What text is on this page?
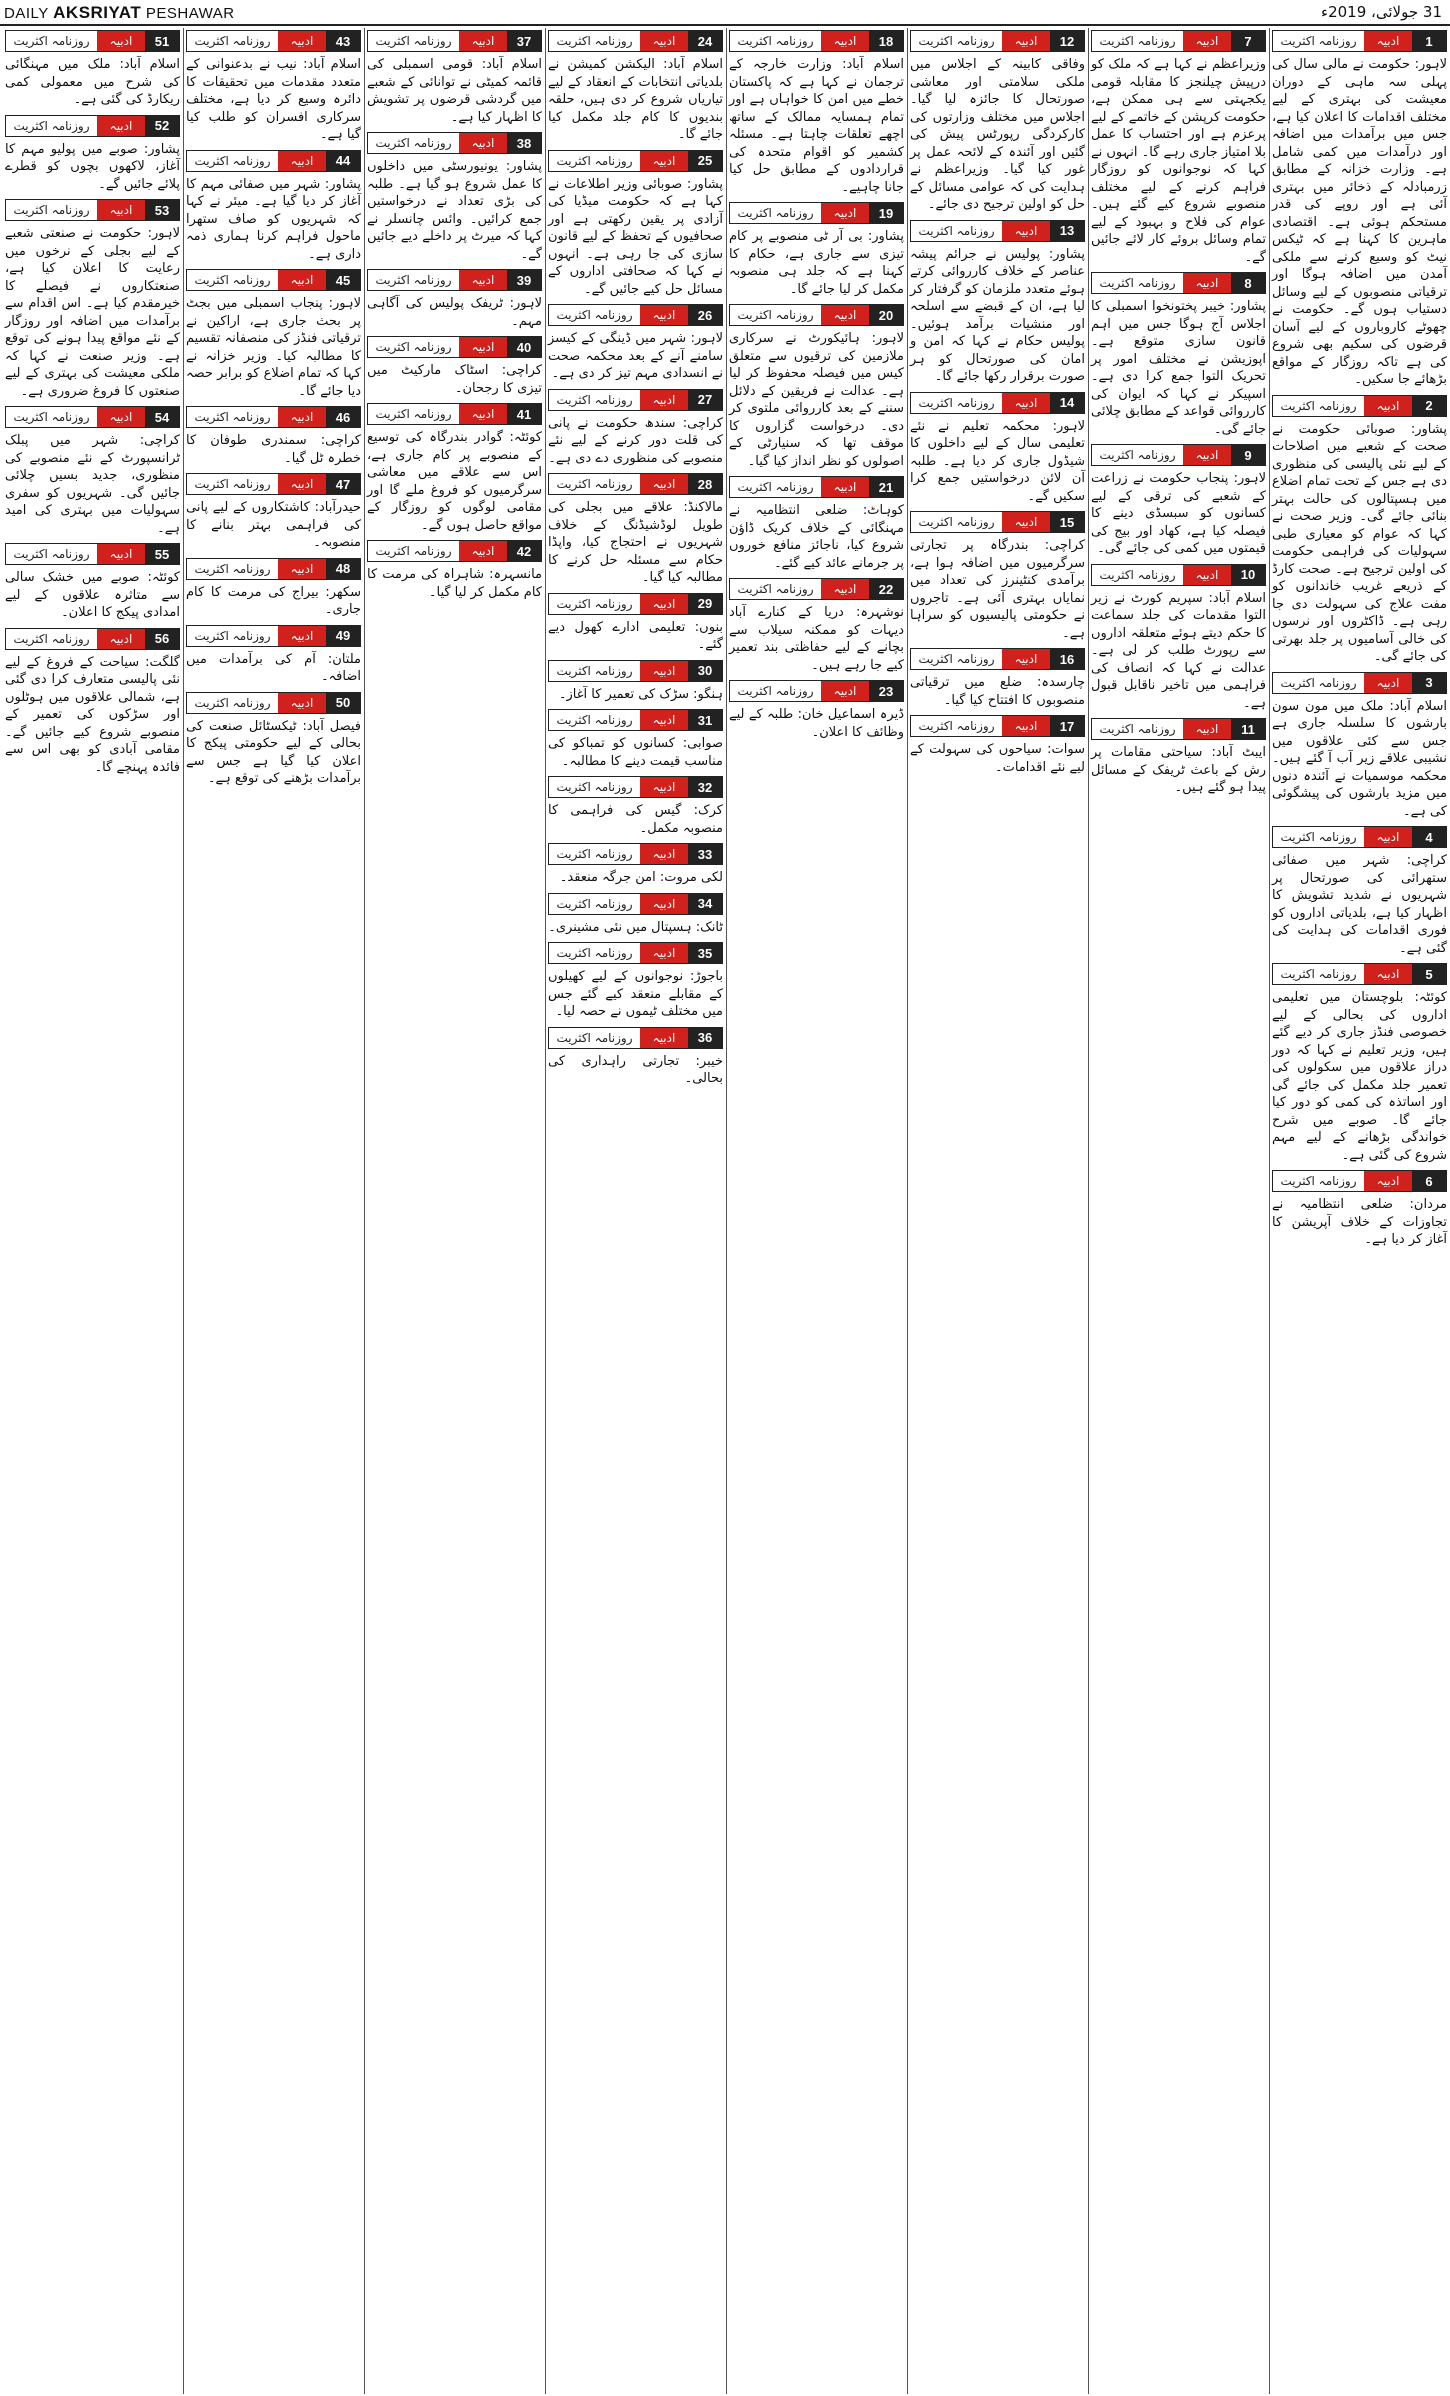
DAILY AKSRIYAT PESHAWAR	31 جولائی، 2019ء
روزنامہ اکثریت	ادبیہ	1
لاہور: حکومت نے مالی سال کی پہلی سہ ماہی کے دوران معیشت کی بہتری کے لیے مختلف اقدامات کا اعلان کیا ہے، جس میں برآمدات میں اضافہ اور درآمدات میں کمی شامل ہے۔ وزارت خزانہ کے مطابق زرمبادلہ کے ذخائر میں بہتری آئی ہے اور روپے کی قدر مستحکم ہوئی ہے۔ اقتصادی ماہرین کا کہنا ہے کہ ٹیکس نیٹ کو وسیع کرنے سے ملکی آمدن میں اضافہ ہوگا اور ترقیاتی منصوبوں کے لیے وسائل دستیاب ہوں گے۔ حکومت نے چھوٹے کاروباروں کے لیے آسان قرضوں کی سکیم بھی شروع کی ہے تاکہ روزگار کے مواقع بڑھائے جا سکیں۔
روزنامہ اکثریت	ادبیہ	2
پشاور: صوبائی حکومت نے صحت کے شعبے میں اصلاحات کے لیے نئی پالیسی کی منظوری دی ہے جس کے تحت تمام اضلاع میں ہسپتالوں کی حالت بہتر بنائی جائے گی۔ وزیر صحت نے کہا کہ عوام کو معیاری طبی سہولیات کی فراہمی حکومت کی اولین ترجیح ہے۔ صحت کارڈ کے ذریعے غریب خاندانوں کو مفت علاج کی سہولت دی جا رہی ہے۔ ڈاکٹروں اور نرسوں کی خالی آسامیوں پر جلد بھرتی کی جائے گی۔
روزنامہ اکثریت	ادبیہ	3
اسلام آباد: ملک میں مون سون بارشوں کا سلسلہ جاری ہے جس سے کئی علاقوں میں نشیبی علاقے زیر آب آ گئے ہیں۔ محکمہ موسمیات نے آئندہ دنوں میں مزید بارشوں کی پیشگوئی کی ہے۔
روزنامہ اکثریت	ادبیہ	4
کراچی: شہر میں صفائی ستھرائی کی صورتحال پر شہریوں نے شدید تشویش کا اظہار کیا ہے، بلدیاتی اداروں کو فوری اقدامات کی ہدایت کی گئی ہے۔
روزنامہ اکثریت	ادبیہ	5
کوئٹہ: بلوچستان میں تعلیمی اداروں کی بحالی کے لیے خصوصی فنڈز جاری کر دیے گئے ہیں، وزیر تعلیم نے کہا کہ دور دراز علاقوں میں سکولوں کی تعمیر جلد مکمل کی جائے گی اور اساتذہ کی کمی کو دور کیا جائے گا۔ صوبے میں شرح خواندگی بڑھانے کے لیے مہم شروع کی گئی ہے۔
روزنامہ اکثریت	ادبیہ	6
مردان: ضلعی انتظامیہ نے تجاوزات کے خلاف آپریشن کا آغاز کر دیا ہے۔
روزنامہ اکثریت	ادبیہ	7
وزیراعظم نے کہا ہے کہ ملک کو درپیش چیلنجز کا مقابلہ قومی یکجہتی سے ہی ممکن ہے، حکومت کرپشن کے خاتمے کے لیے پرعزم ہے اور احتساب کا عمل بلا امتیاز جاری رہے گا۔ انہوں نے کہا کہ نوجوانوں کو روزگار فراہم کرنے کے لیے مختلف منصوبے شروع کیے گئے ہیں۔ عوام کی فلاح و بہبود کے لیے تمام وسائل بروئے کار لائے جائیں گے۔
روزنامہ اکثریت	ادبیہ	8
پشاور: خیبر پختونخوا اسمبلی کا اجلاس آج ہوگا جس میں اہم قانون سازی متوقع ہے۔ اپوزیشن نے مختلف امور پر تحریک التوا جمع کرا دی ہے۔ اسپیکر نے کہا کہ ایوان کی کارروائی قواعد کے مطابق چلائی جائے گی۔
روزنامہ اکثریت	ادبیہ	9
لاہور: پنجاب حکومت نے زراعت کے شعبے کی ترقی کے لیے کسانوں کو سبسڈی دینے کا فیصلہ کیا ہے، کھاد اور بیج کی قیمتوں میں کمی کی جائے گی۔
روزنامہ اکثریت	ادبیہ	10
اسلام آباد: سپریم کورٹ نے زیر التوا مقدمات کی جلد سماعت کا حکم دیتے ہوئے متعلقہ اداروں سے رپورٹ طلب کر لی ہے۔ عدالت نے کہا کہ انصاف کی فراہمی میں تاخیر ناقابل قبول ہے۔
روزنامہ اکثریت	ادبیہ	11
ایبٹ آباد: سیاحتی مقامات پر رش کے باعث ٹریفک کے مسائل پیدا ہو گئے ہیں۔
روزنامہ اکثریت	ادبیہ	12
وفاقی کابینہ کے اجلاس میں ملکی سلامتی اور معاشی صورتحال کا جائزہ لیا گیا۔ اجلاس میں مختلف وزارتوں کی کارکردگی رپورٹس پیش کی گئیں اور آئندہ کے لائحہ عمل پر غور کیا گیا۔ وزیراعظم نے ہدایت کی کہ عوامی مسائل کے حل کو اولین ترجیح دی جائے۔
روزنامہ اکثریت	ادبیہ	13
پشاور: پولیس نے جرائم پیشہ عناصر کے خلاف کارروائی کرتے ہوئے متعدد ملزمان کو گرفتار کر لیا ہے، ان کے قبضے سے اسلحہ اور منشیات برآمد ہوئیں۔ پولیس حکام نے کہا کہ امن و امان کی صورتحال کو ہر صورت برقرار رکھا جائے گا۔
روزنامہ اکثریت	ادبیہ	14
لاہور: محکمہ تعلیم نے نئے تعلیمی سال کے لیے داخلوں کا شیڈول جاری کر دیا ہے۔ طلبہ آن لائن درخواستیں جمع کرا سکیں گے۔
روزنامہ اکثریت	ادبیہ	15
کراچی: بندرگاہ پر تجارتی سرگرمیوں میں اضافہ ہوا ہے، برآمدی کنٹینرز کی تعداد میں نمایاں بہتری آئی ہے۔ تاجروں نے حکومتی پالیسیوں کو سراہا ہے۔
روزنامہ اکثریت	ادبیہ	16
چارسدہ: ضلع میں ترقیاتی منصوبوں کا افتتاح کیا گیا۔
روزنامہ اکثریت	ادبیہ	17
سوات: سیاحوں کی سہولت کے لیے نئے اقدامات۔
روزنامہ اکثریت	ادبیہ	18
اسلام آباد: وزارت خارجہ کے ترجمان نے کہا ہے کہ پاکستان خطے میں امن کا خواہاں ہے اور تمام ہمسایہ ممالک کے ساتھ اچھے تعلقات چاہتا ہے۔ مسئلہ کشمیر کو اقوام متحدہ کی قراردادوں کے مطابق حل کیا جانا چاہیے۔
روزنامہ اکثریت	ادبیہ	19
پشاور: بی آر ٹی منصوبے پر کام تیزی سے جاری ہے، حکام کا کہنا ہے کہ جلد ہی منصوبہ مکمل کر لیا جائے گا۔
روزنامہ اکثریت	ادبیہ	20
لاہور: ہائیکورٹ نے سرکاری ملازمین کی ترقیوں سے متعلق کیس میں فیصلہ محفوظ کر لیا ہے۔ عدالت نے فریقین کے دلائل سننے کے بعد کارروائی ملتوی کر دی۔ درخواست گزاروں کا موقف تھا کہ سنیارٹی کے اصولوں کو نظر انداز کیا گیا۔
روزنامہ اکثریت	ادبیہ	21
کوہاٹ: ضلعی انتظامیہ نے مہنگائی کے خلاف کریک ڈاؤن شروع کیا، ناجائز منافع خوروں پر جرمانے عائد کیے گئے۔
روزنامہ اکثریت	ادبیہ	22
نوشہرہ: دریا کے کنارے آباد دیہات کو ممکنہ سیلاب سے بچانے کے لیے حفاظتی بند تعمیر کیے جا رہے ہیں۔
روزنامہ اکثریت	ادبیہ	23
ڈیرہ اسماعیل خان: طلبہ کے لیے وظائف کا اعلان۔
روزنامہ اکثریت	ادبیہ	24
اسلام آباد: الیکشن کمیشن نے بلدیاتی انتخابات کے انعقاد کے لیے تیاریاں شروع کر دی ہیں، حلقہ بندیوں کا کام جلد مکمل کیا جائے گا۔
روزنامہ اکثریت	ادبیہ	25
پشاور: صوبائی وزیر اطلاعات نے کہا ہے کہ حکومت میڈیا کی آزادی پر یقین رکھتی ہے اور صحافیوں کے تحفظ کے لیے قانون سازی کی جا رہی ہے۔ انہوں نے کہا کہ صحافتی اداروں کے مسائل حل کیے جائیں گے۔
روزنامہ اکثریت	ادبیہ	26
لاہور: شہر میں ڈینگی کے کیسز سامنے آنے کے بعد محکمہ صحت نے انسدادی مہم تیز کر دی ہے۔
روزنامہ اکثریت	ادبیہ	27
کراچی: سندھ حکومت نے پانی کی قلت دور کرنے کے لیے نئے منصوبے کی منظوری دے دی ہے۔
روزنامہ اکثریت	ادبیہ	28
مالاکنڈ: علاقے میں بجلی کی طویل لوڈشیڈنگ کے خلاف شہریوں نے احتجاج کیا، واپڈا حکام سے مسئلہ حل کرنے کا مطالبہ کیا گیا۔
روزنامہ اکثریت	ادبیہ	29
بنوں: تعلیمی ادارے کھول دیے گئے۔
روزنامہ اکثریت	ادبیہ	30
ہنگو: سڑک کی تعمیر کا آغاز۔
روزنامہ اکثریت	ادبیہ	31
صوابی: کسانوں کو تمباکو کی مناسب قیمت دینے کا مطالبہ۔
روزنامہ اکثریت	ادبیہ	32
کرک: گیس کی فراہمی کا منصوبہ مکمل۔
روزنامہ اکثریت	ادبیہ	33
لکی مروت: امن جرگہ منعقد۔
روزنامہ اکثریت	ادبیہ	34
ٹانک: ہسپتال میں نئی مشینری۔
روزنامہ اکثریت	ادبیہ	35
باجوڑ: نوجوانوں کے لیے کھیلوں کے مقابلے منعقد کیے گئے جس میں مختلف ٹیموں نے حصہ لیا۔
روزنامہ اکثریت	ادبیہ	36
خیبر: تجارتی راہداری کی بحالی۔
روزنامہ اکثریت	ادبیہ	37
اسلام آباد: قومی اسمبلی کی قائمہ کمیٹی نے توانائی کے شعبے میں گردشی قرضوں پر تشویش کا اظہار کیا ہے۔
روزنامہ اکثریت	ادبیہ	38
پشاور: یونیورسٹی میں داخلوں کا عمل شروع ہو گیا ہے۔ طلبہ کی بڑی تعداد نے درخواستیں جمع کرائیں۔ وائس چانسلر نے کہا کہ میرٹ پر داخلے دیے جائیں گے۔
روزنامہ اکثریت	ادبیہ	39
لاہور: ٹریفک پولیس کی آگاہی مہم۔
روزنامہ اکثریت	ادبیہ	40
کراچی: اسٹاک مارکیٹ میں تیزی کا رجحان۔
روزنامہ اکثریت	ادبیہ	41
کوئٹہ: گوادر بندرگاہ کی توسیع کے منصوبے پر کام جاری ہے، اس سے علاقے میں معاشی سرگرمیوں کو فروغ ملے گا اور مقامی لوگوں کو روزگار کے مواقع حاصل ہوں گے۔
روزنامہ اکثریت	ادبیہ	42
مانسہرہ: شاہراہ کی مرمت کا کام مکمل کر لیا گیا۔
روزنامہ اکثریت	ادبیہ	43
اسلام آباد: نیب نے بدعنوانی کے متعدد مقدمات میں تحقیقات کا دائرہ وسیع کر دیا ہے، مختلف سرکاری افسران کو طلب کیا گیا ہے۔
روزنامہ اکثریت	ادبیہ	44
پشاور: شہر میں صفائی مہم کا آغاز کر دیا گیا ہے۔ میئر نے کہا کہ شہریوں کو صاف ستھرا ماحول فراہم کرنا ہماری ذمہ داری ہے۔
روزنامہ اکثریت	ادبیہ	45
لاہور: پنجاب اسمبلی میں بجٹ پر بحث جاری ہے، اراکین نے ترقیاتی فنڈز کی منصفانہ تقسیم کا مطالبہ کیا۔ وزیر خزانہ نے کہا کہ تمام اضلاع کو برابر حصہ دیا جائے گا۔
روزنامہ اکثریت	ادبیہ	46
کراچی: سمندری طوفان کا خطرہ ٹل گیا۔
روزنامہ اکثریت	ادبیہ	47
حیدرآباد: کاشتکاروں کے لیے پانی کی فراہمی بہتر بنانے کا منصوبہ۔
روزنامہ اکثریت	ادبیہ	48
سکھر: بیراج کی مرمت کا کام جاری۔
روزنامہ اکثریت	ادبیہ	49
ملتان: آم کی برآمدات میں اضافہ۔
روزنامہ اکثریت	ادبیہ	50
فیصل آباد: ٹیکسٹائل صنعت کی بحالی کے لیے حکومتی پیکج کا اعلان کیا گیا ہے جس سے برآمدات بڑھنے کی توقع ہے۔
روزنامہ اکثریت	ادبیہ	51
اسلام آباد: ملک میں مہنگائی کی شرح میں معمولی کمی ریکارڈ کی گئی ہے۔
روزنامہ اکثریت	ادبیہ	52
پشاور: صوبے میں پولیو مہم کا آغاز، لاکھوں بچوں کو قطرے پلائے جائیں گے۔
روزنامہ اکثریت	ادبیہ	53
لاہور: حکومت نے صنعتی شعبے کے لیے بجلی کے نرخوں میں رعایت کا اعلان کیا ہے، صنعتکاروں نے فیصلے کا خیرمقدم کیا ہے۔ اس اقدام سے برآمدات میں اضافہ اور روزگار کے نئے مواقع پیدا ہونے کی توقع ہے۔ وزیر صنعت نے کہا کہ ملکی معیشت کی بہتری کے لیے صنعتوں کا فروغ ضروری ہے۔
روزنامہ اکثریت	ادبیہ	54
کراچی: شہر میں پبلک ٹرانسپورٹ کے نئے منصوبے کی منظوری، جدید بسیں چلائی جائیں گی۔ شہریوں کو سفری سہولیات میں بہتری کی امید ہے۔
روزنامہ اکثریت	ادبیہ	55
کوئٹہ: صوبے میں خشک سالی سے متاثرہ علاقوں کے لیے امدادی پیکج کا اعلان۔
روزنامہ اکثریت	ادبیہ	56
گلگت: سیاحت کے فروغ کے لیے نئی پالیسی متعارف کرا دی گئی ہے، شمالی علاقوں میں ہوٹلوں اور سڑکوں کی تعمیر کے منصوبے شروع کیے جائیں گے۔ مقامی آبادی کو بھی اس سے فائدہ پہنچے گا۔
